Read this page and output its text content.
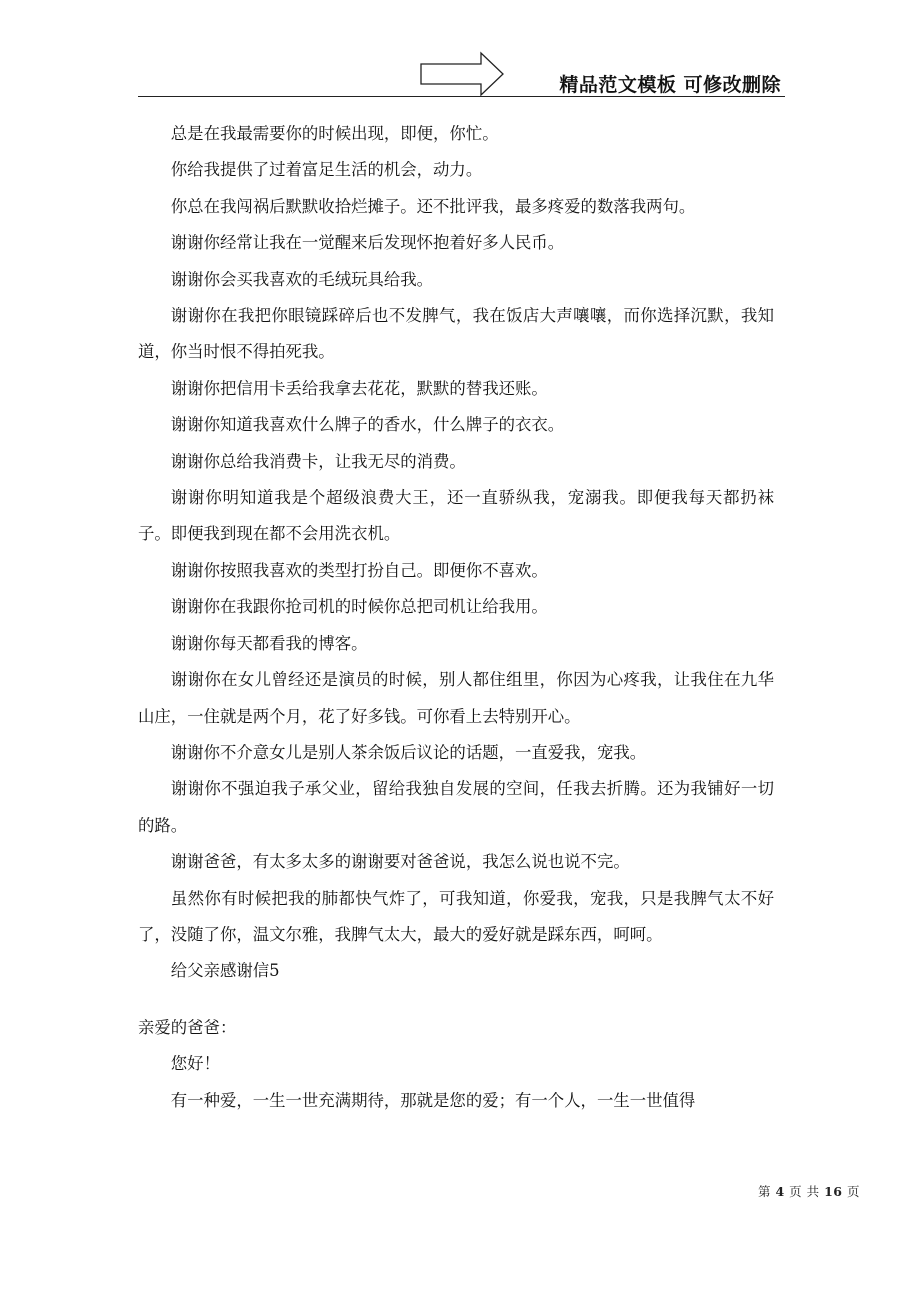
精品范文模板 可修改删除

总是在我最需要你的时候出现，即便，你忙。

你给我提供了过着富足生活的机会，动力。

你总在我闯祸后默默收拾烂摊子。还不批评我，最多疼爱的数落我两句。

谢谢你经常让我在一觉醒来后发现怀抱着好多人民币。

谢谢你会买我喜欢的毛绒玩具给我。

谢谢你在我把你眼镜踩碎后也不发脾气，我在饭店大声嚷嚷，而你选择沉默，我知道，你当时恨不得拍死我。

谢谢你把信用卡丢给我拿去花花，默默的替我还账。

谢谢你知道我喜欢什么牌子的香水，什么牌子的衣衣。

谢谢你总给我消费卡，让我无尽的消费。

谢谢你明知道我是个超级浪费大王，还一直骄纵我，宠溺我。即便我每天都扔袜子。即便我到现在都不会用洗衣机。

谢谢你按照我喜欢的类型打扮自己。即便你不喜欢。

谢谢你在我跟你抢司机的时候你总把司机让给我用。

谢谢你每天都看我的博客。

谢谢你在女儿曾经还是演员的时候，别人都住组里，你因为心疼我，让我住在九华山庄，一住就是两个月，花了好多钱。可你看上去特别开心。

谢谢你不介意女儿是别人茶余饭后议论的话题，一直爱我，宠我。

谢谢你不强迫我子承父业，留给我独自发展的空间，任我去折腾。还为我铺好一切的路。

谢谢爸爸，有太多太多的谢谢要对爸爸说，我怎么说也说不完。

虽然你有时候把我的肺都快气炸了，可我知道，你爱我，宠我，只是我脾气太不好了，没随了你，温文尔雅，我脾气太大，最大的爱好就是踩东西，呵呵。

给父亲感谢信5

亲爱的爸爸：

您好！

有一种爱，一生一世充满期待，那就是您的爱；有一个人，一生一世值得

第 4 页 共 16 页
